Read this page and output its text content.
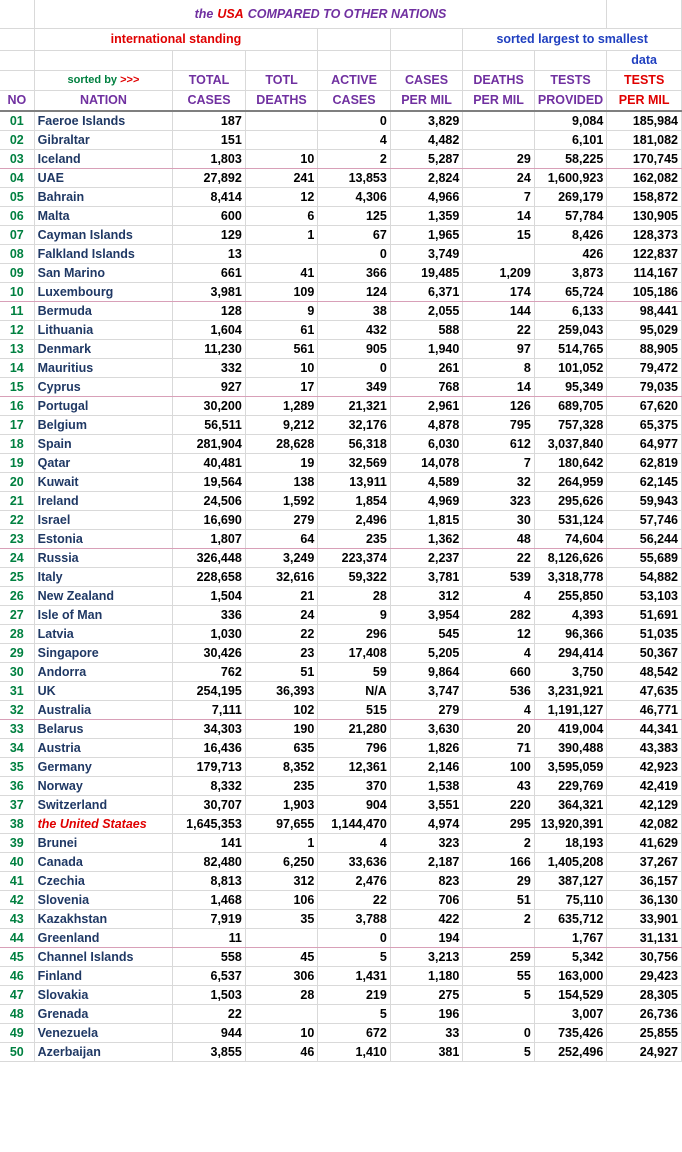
	the USA COMPARED TO OTHER NATIONS							
	international standing					sorted largest to smallest		
								data
	sorted by >>>	TOTAL	TOTL	ACTIVE	CASES	DEATHS	TESTS	TESTS
NO	NATION	CASES	DEATHS	CASES	PER MIL	PER MIL	PROVIDED	PER MIL
01	Faeroe Islands	187		0	3,829		9,084	185,984
02	Gibraltar	151		4	4,482		6,101	181,082
03	Iceland	1,803	10	2	5,287	29	58,225	170,745
04	UAE	27,892	241	13,853	2,824	24	1,600,923	162,082
05	Bahrain	8,414	12	4,306	4,966	7	269,179	158,872
06	Malta	600	6	125	1,359	14	57,784	130,905
07	Cayman Islands	129	1	67	1,965	15	8,426	128,373
08	Falkland Islands	13		0	3,749		426	122,837
09	San Marino	661	41	366	19,485	1,209	3,873	114,167
10	Luxembourg	3,981	109	124	6,371	174	65,724	105,186
11	Bermuda	128	9	38	2,055	144	6,133	98,441
12	Lithuania	1,604	61	432	588	22	259,043	95,029
13	Denmark	11,230	561	905	1,940	97	514,765	88,905
14	Mauritius	332	10	0	261	8	101,052	79,472
15	Cyprus	927	17	349	768	14	95,349	79,035
16	Portugal	30,200	1,289	21,321	2,961	126	689,705	67,620
17	Belgium	56,511	9,212	32,176	4,878	795	757,328	65,375
18	Spain	281,904	28,628	56,318	6,030	612	3,037,840	64,977
19	Qatar	40,481	19	32,569	14,078	7	180,642	62,819
20	Kuwait	19,564	138	13,911	4,589	32	264,959	62,145
21	Ireland	24,506	1,592	1,854	4,969	323	295,626	59,943
22	Israel	16,690	279	2,496	1,815	30	531,124	57,746
23	Estonia	1,807	64	235	1,362	48	74,604	56,244
24	Russia	326,448	3,249	223,374	2,237	22	8,126,626	55,689
25	Italy	228,658	32,616	59,322	3,781	539	3,318,778	54,882
26	New Zealand	1,504	21	28	312	4	255,850	53,103
27	Isle of Man	336	24	9	3,954	282	4,393	51,691
28	Latvia	1,030	22	296	545	12	96,366	51,035
29	Singapore	30,426	23	17,408	5,205	4	294,414	50,367
30	Andorra	762	51	59	9,864	660	3,750	48,542
31	UK	254,195	36,393	N/A	3,747	536	3,231,921	47,635
32	Australia	7,111	102	515	279	4	1,191,127	46,771
33	Belarus	34,303	190	21,280	3,630	20	419,004	44,341
34	Austria	16,436	635	796	1,826	71	390,488	43,383
35	Germany	179,713	8,352	12,361	2,146	100	3,595,059	42,923
36	Norway	8,332	235	370	1,538	43	229,769	42,419
37	Switzerland	30,707	1,903	904	3,551	220	364,321	42,129
38	the United Stataes	1,645,353	97,655	1,144,470	4,974	295	13,920,391	42,082
39	Brunei	141	1	4	323	2	18,193	41,629
40	Canada	82,480	6,250	33,636	2,187	166	1,405,208	37,267
41	Czechia	8,813	312	2,476	823	29	387,127	36,157
42	Slovenia	1,468	106	22	706	51	75,110	36,130
43	Kazakhstan	7,919	35	3,788	422	2	635,712	33,901
44	Greenland	11		0	194		1,767	31,131
45	Channel Islands	558	45	5	3,213	259	5,342	30,756
46	Finland	6,537	306	1,431	1,180	55	163,000	29,423
47	Slovakia	1,503	28	219	275	5	154,529	28,305
48	Grenada	22		5	196		3,007	26,736
49	Venezuela	944	10	672	33	0	735,426	25,855
50	Azerbaijan	3,855	46	1,410	381	5	252,496	24,927
